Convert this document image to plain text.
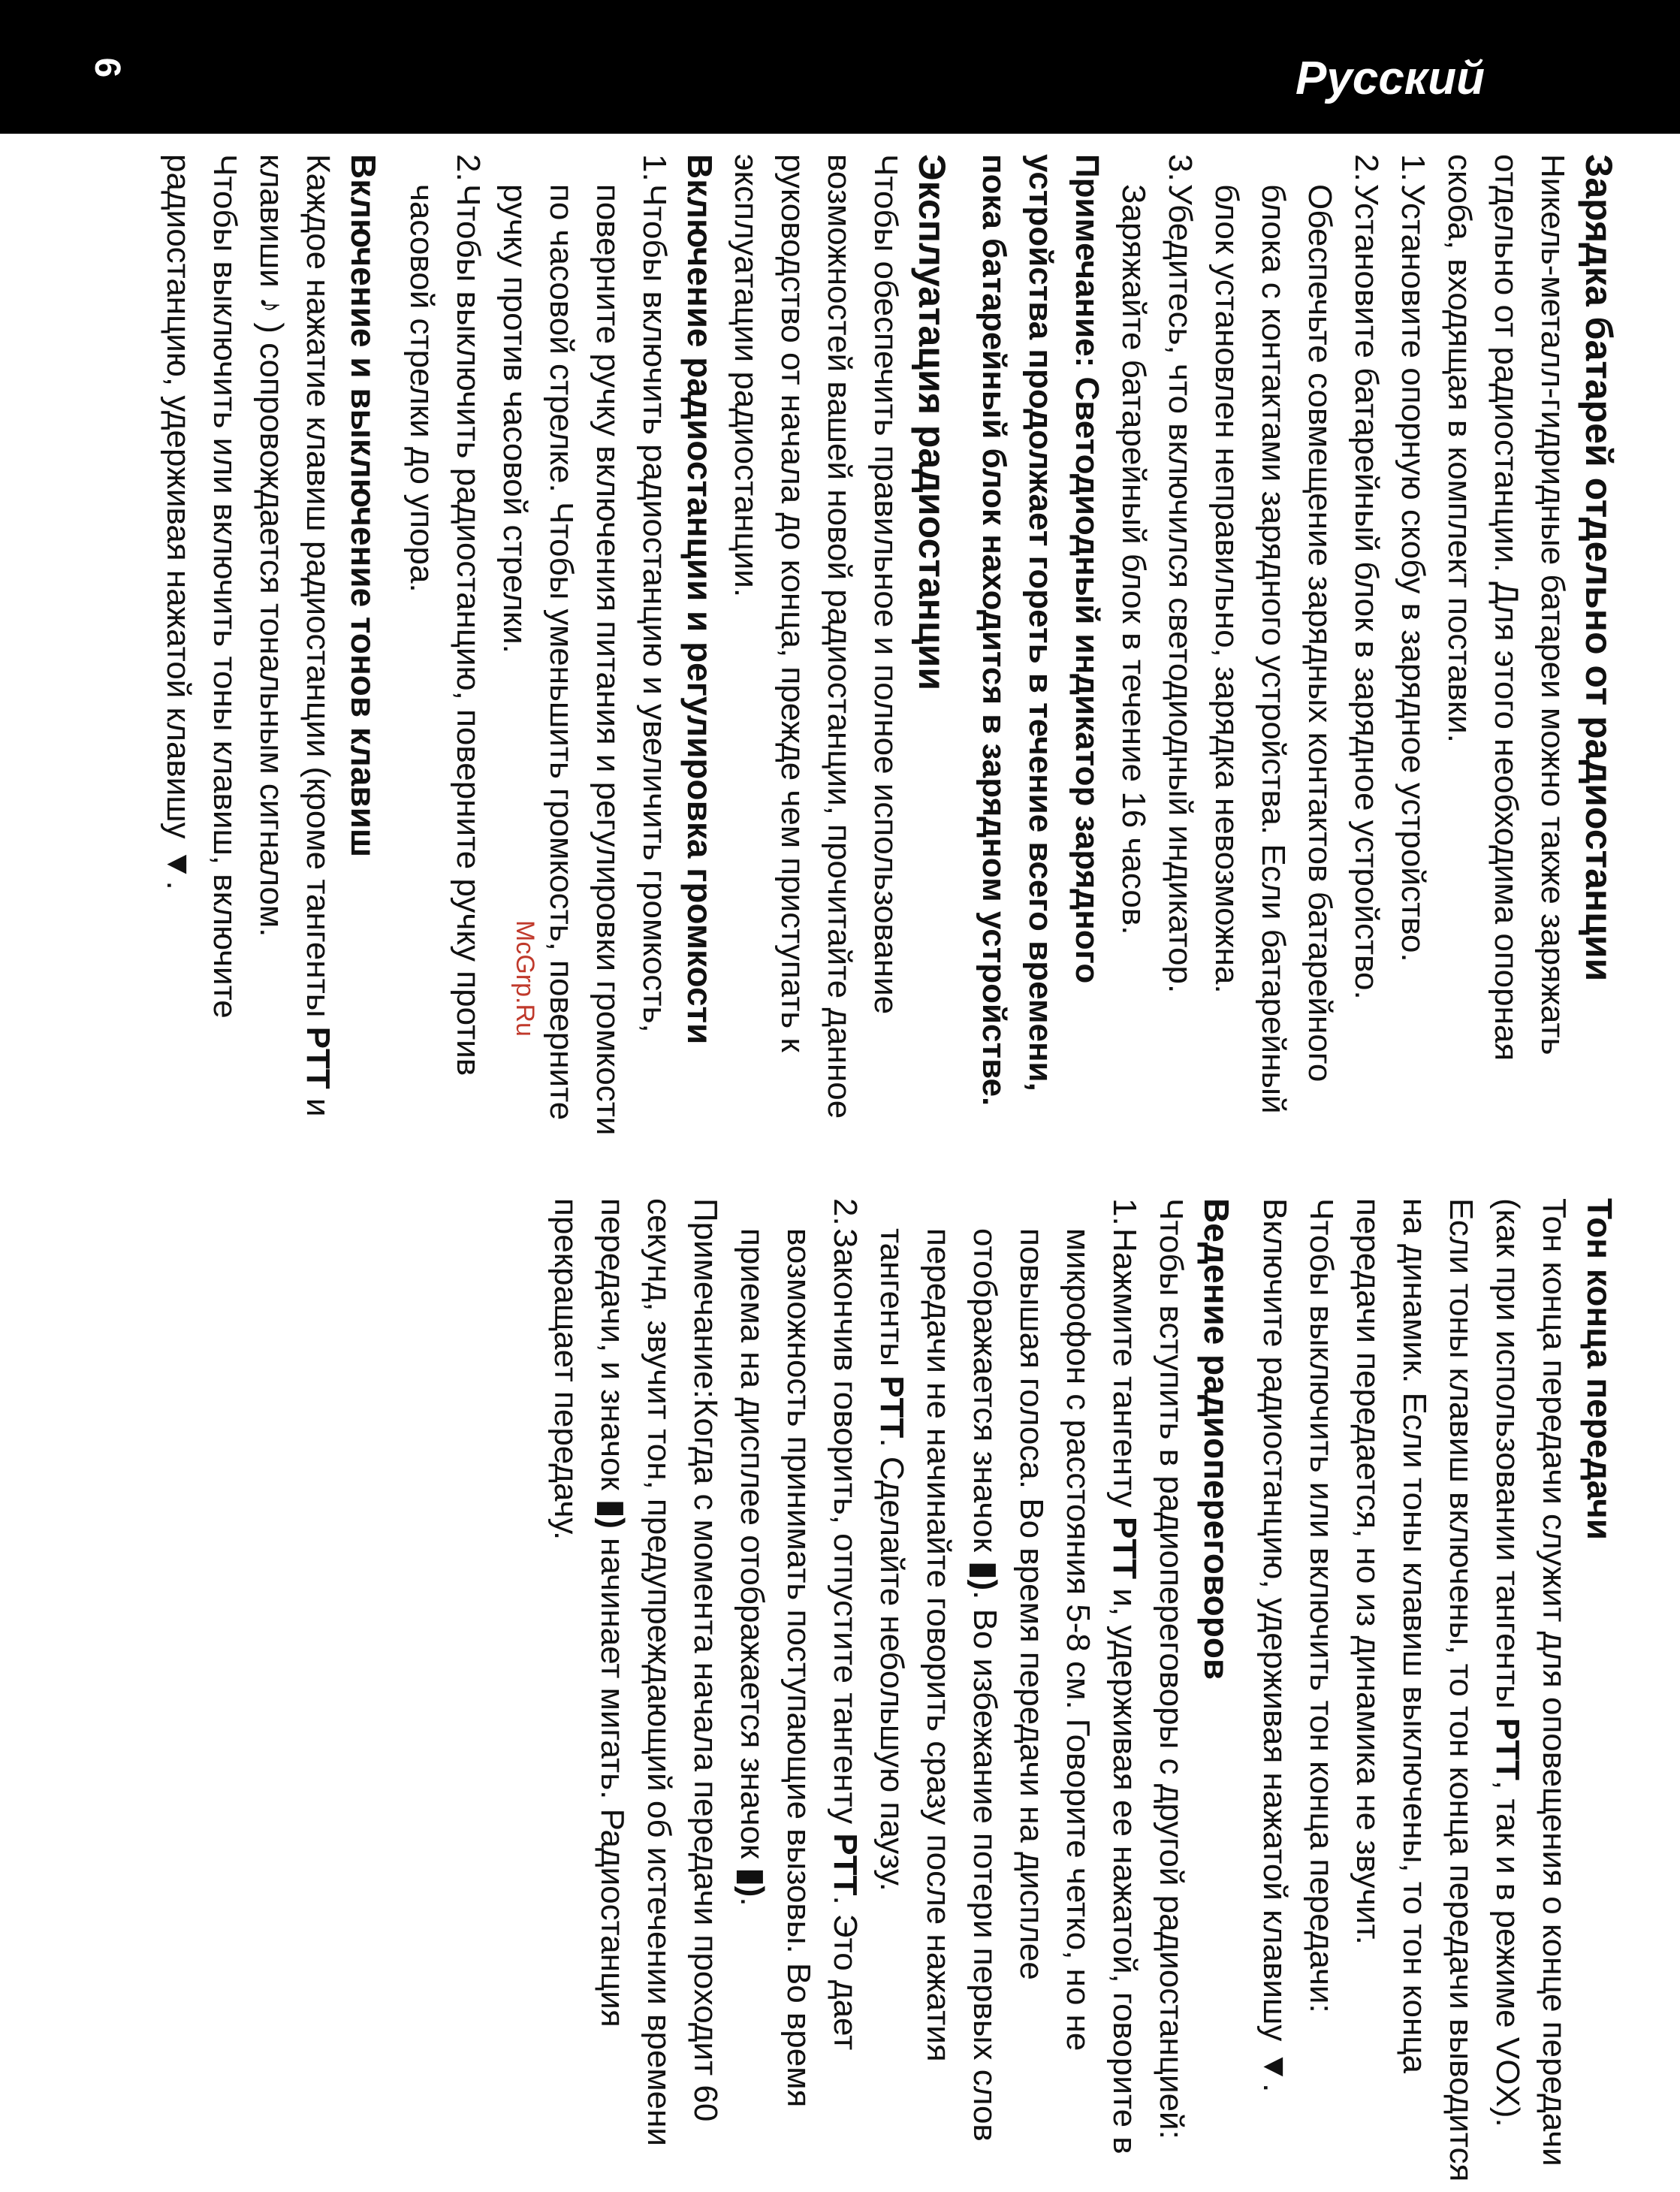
6	Русский
Зарядка батарей отдельно от радиостанции

Никель-металл-гидридные батареи можно также заряжать отдельно от радиостанции. Для этого необходима опорная скоба, входящая в комплект поставки.

1.
Установите опорную скобу в зарядное устройство.
2.
Установите батарейный блок в зарядное устройство. Обеспечьте совмещение зарядных контактов батарейного блока с контактами зарядного устройства. Если батарейный блок установлен неправильно, зарядка невозможна.
3.
Убедитесь, что включился светодиодный индикатор. Заряжайте батарейный блок в течение 16 часов.
Примечание: Светодиодный индикатор зарядного устройства продолжает гореть в течение всего времени, пока батарейный блок находится в зарядном устройстве.
Эксплуатация радиостанции

Чтобы обеспечить правильное и полное использование возможностей вашей новой радиостанции, прочитайте данное руководство от начала до конца, прежде чем приступать к эксплуатации радиостанции.

Включение радиостанции и регулировка громкости
1.
Чтобы включить радиостанцию и увеличить громкость, поверните ручку включения питания и регулировки громкости по часовой стрелке. Чтобы уменьшить громкость, поверните ручку против часовой стрелки.
2.
Чтобы выключить радиостанцию, поверните ручку против часовой стрелки до упора.
Включение и выключение тонов клавиш

Каждое нажатие клавиш радиостанции (кроме тангенты PTT и клавиши ♪ ) сопровождается тональным сигналом.

Чтобы выключить или включить тоны клавиш, включите радиостанцию, удерживая нажатой клавишу ▼.

Тон конца передачи

Тон конца передачи служит для оповещения о конце передачи (как при использовании тангенты PTT, так и в режиме VOX). Если тоны клавиш включены, то тон конца передачи выводится на динамик. Если тоны клавиш выключены, то тон конца передачи передается, но из динамика не звучит.

Чтобы выключить или включить тон конца передачи:

Включите радиостанцию, удерживая нажатой клавишу ▼.

Ведение радиопереговоров

Чтобы вступить в радиопереговоры с другой радиостанцией:

1.
Нажмите тангенту PTT и, удерживая ее нажатой, говорите в микрофон с расстояния 5-8 см. Говорите четко, но не повышая голоса. Во время передачи на дисплее отображается значок ▮). Во избежание потери первых слов передачи не начинайте говорить сразу после нажатия тангенты PTT. Сделайте небольшую паузу.
2.
Закончив говорить, отпустите тангенту PTT. Это дает возможность принимать поступающие вызовы. Во время приема на дисплее отображается значок ▮).

Примечание:Когда с момента начала передачи проходит 60 секунд, звучит тон, предупреждающий об истечении времени передачи, и значок ▮) начинает мигать. Радиостанция прекращает передачу.

McGrp.Ru
